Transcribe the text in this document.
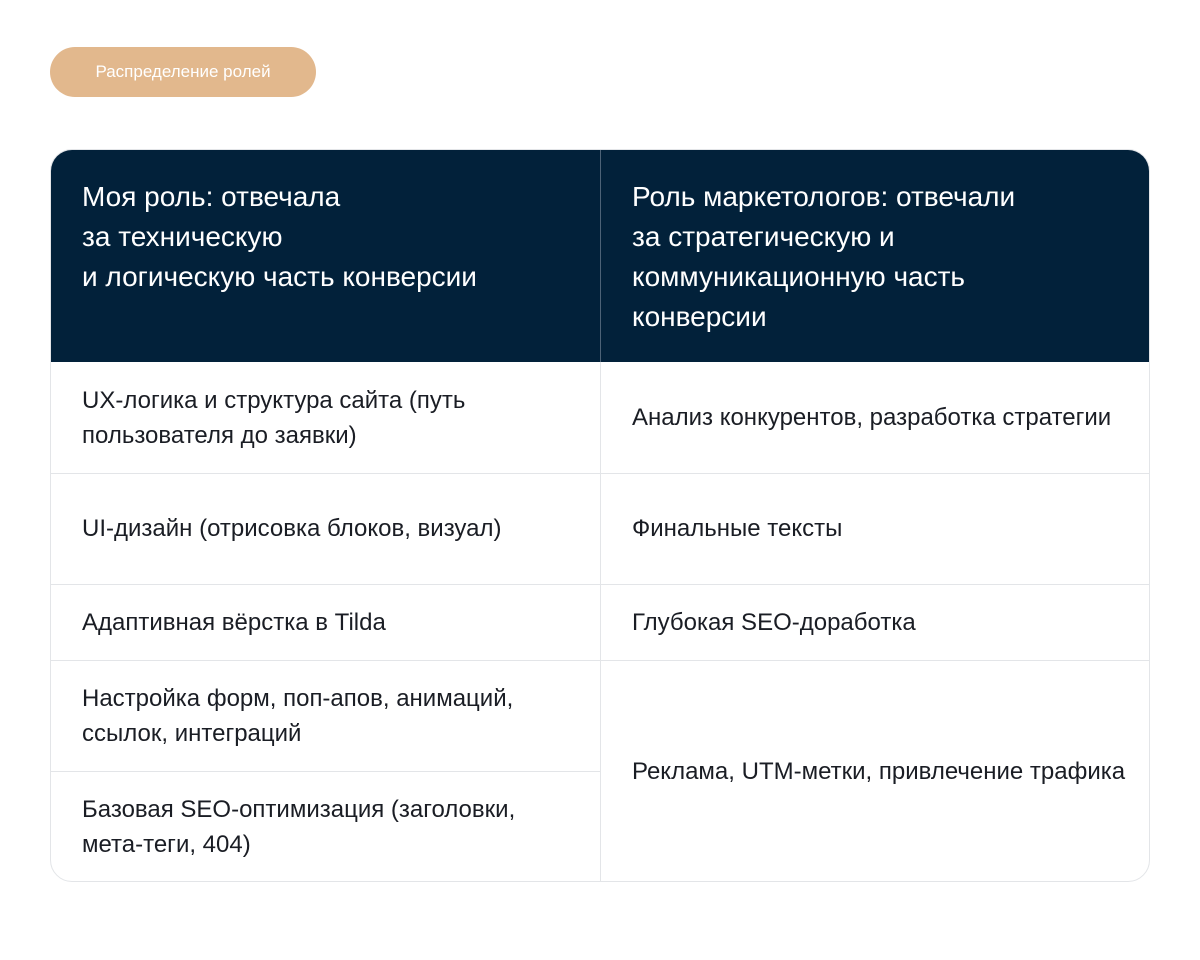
Распределение ролей
Моя роль: отвечала
за техническую
и логическую часть конверсии
Роль маркетологов: отвечали
за стратегическую и
коммуникационную часть
конверсии
UX-логика и структура сайта (путь пользователя до заявки)
UI-дизайн (отрисовка блоков, визуал)
Адаптивная вёрстка в Tilda
Настройка форм, поп-апов, анимаций, ссылок, интеграций
Базовая SEO-оптимизация (заголовки, мета-теги, 404)
Анализ конкурентов, разработка стратегии
Финальные тексты
Глубокая SEO-доработка
Реклама, UTM-метки, привлечение трафика
